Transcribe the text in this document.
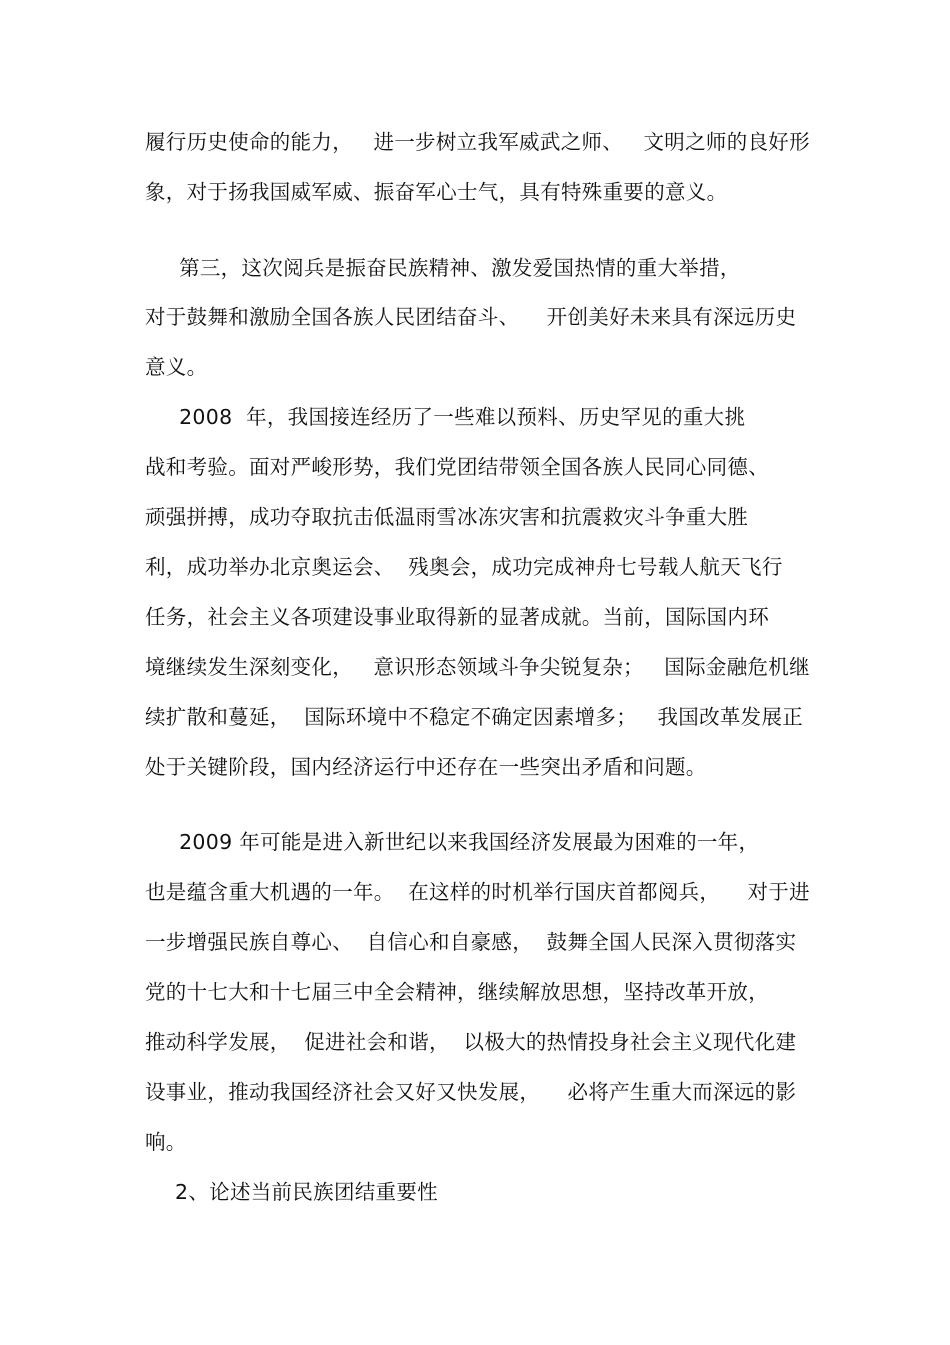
履行历史使命的能力，   进一步树立我军威武之师、   文明之师的良好形
象，对于扬我国威军威、振奋军心士气，具有特殊重要的意义。
第三，这次阅兵是振奋民族精神、激发爱国热情的重大举措，
对于鼓舞和激励全国各族人民团结奋斗、    开创美好未来具有深远历史
意义。
2008  年，我国接连经历了一些难以预料、历史罕见的重大挑
战和考验。面对严峻形势，我们党团结带领全国各族人民同心同德、
顽强拼搏，成功夺取抗击低温雨雪冰冻灾害和抗震救灾斗争重大胜
利，成功举办北京奥运会、  残奥会，成功完成神舟七号载人航天飞行
任务，社会主义各项建设事业取得新的显著成就。当前，国际国内环
境继续发生深刻变化，   意识形态领域斗争尖锐复杂；   国际金融危机继
续扩散和蔓延，  国际环境中不稳定不确定因素增多；   我国改革发展正
处于关键阶段，国内经济运行中还存在一些突出矛盾和问题。
2009 年可能是进入新世纪以来我国经济发展最为困难的一年，
也是蕴含重大机遇的一年。  在这样的时机举行国庆首都阅兵，    对于进
一步增强民族自尊心、  自信心和自豪感，  鼓舞全国人民深入贯彻落实
党的十七大和十七届三中全会精神，继续解放思想，坚持改革开放，
推动科学发展，  促进社会和谐，  以极大的热情投身社会主义现代化建
设事业，推动我国经济社会又好又快发展，    必将产生重大而深远的影
响。
2、论述当前民族团结重要性
